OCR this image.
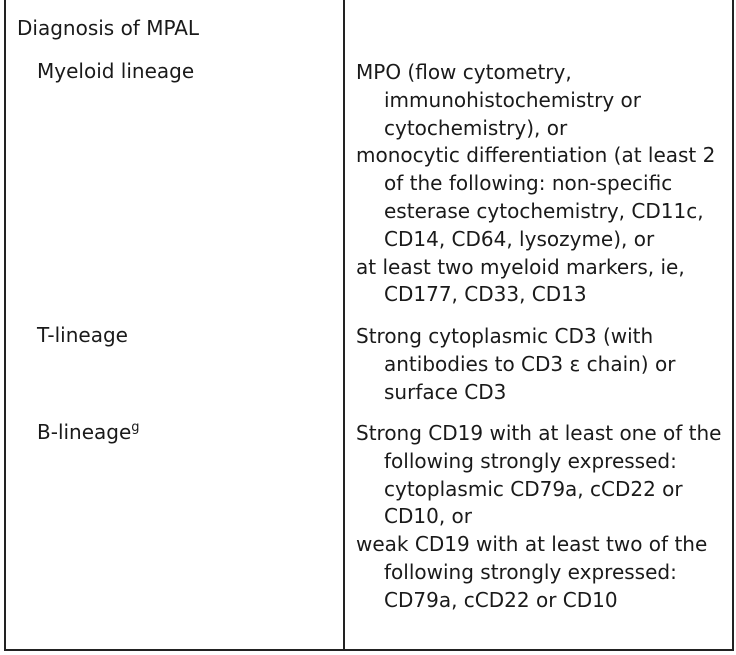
Diagnosis of MPAL
Myeloid lineage	MPO (flow cytometry, immunohistochemistry or cytochemistry), or

monocytic differentiation (at least 2 of the following: non-specific esterase cytochemistry, CD11c, CD14, CD64, lysozyme), or

at least two myeloid markers, ie, CD177, CD33, CD13

T-lineage	Strong cytoplasmic CD3 (with antibodies to CD3 ε chain) or surface CD3

B-lineage$^g$	Strong CD19 with at least one of the following strongly expressed: cytoplasmic CD79a, cCD22 or CD10, or

weak CD19 with at least two of the following strongly expressed: CD79a, cCD22 or CD10
